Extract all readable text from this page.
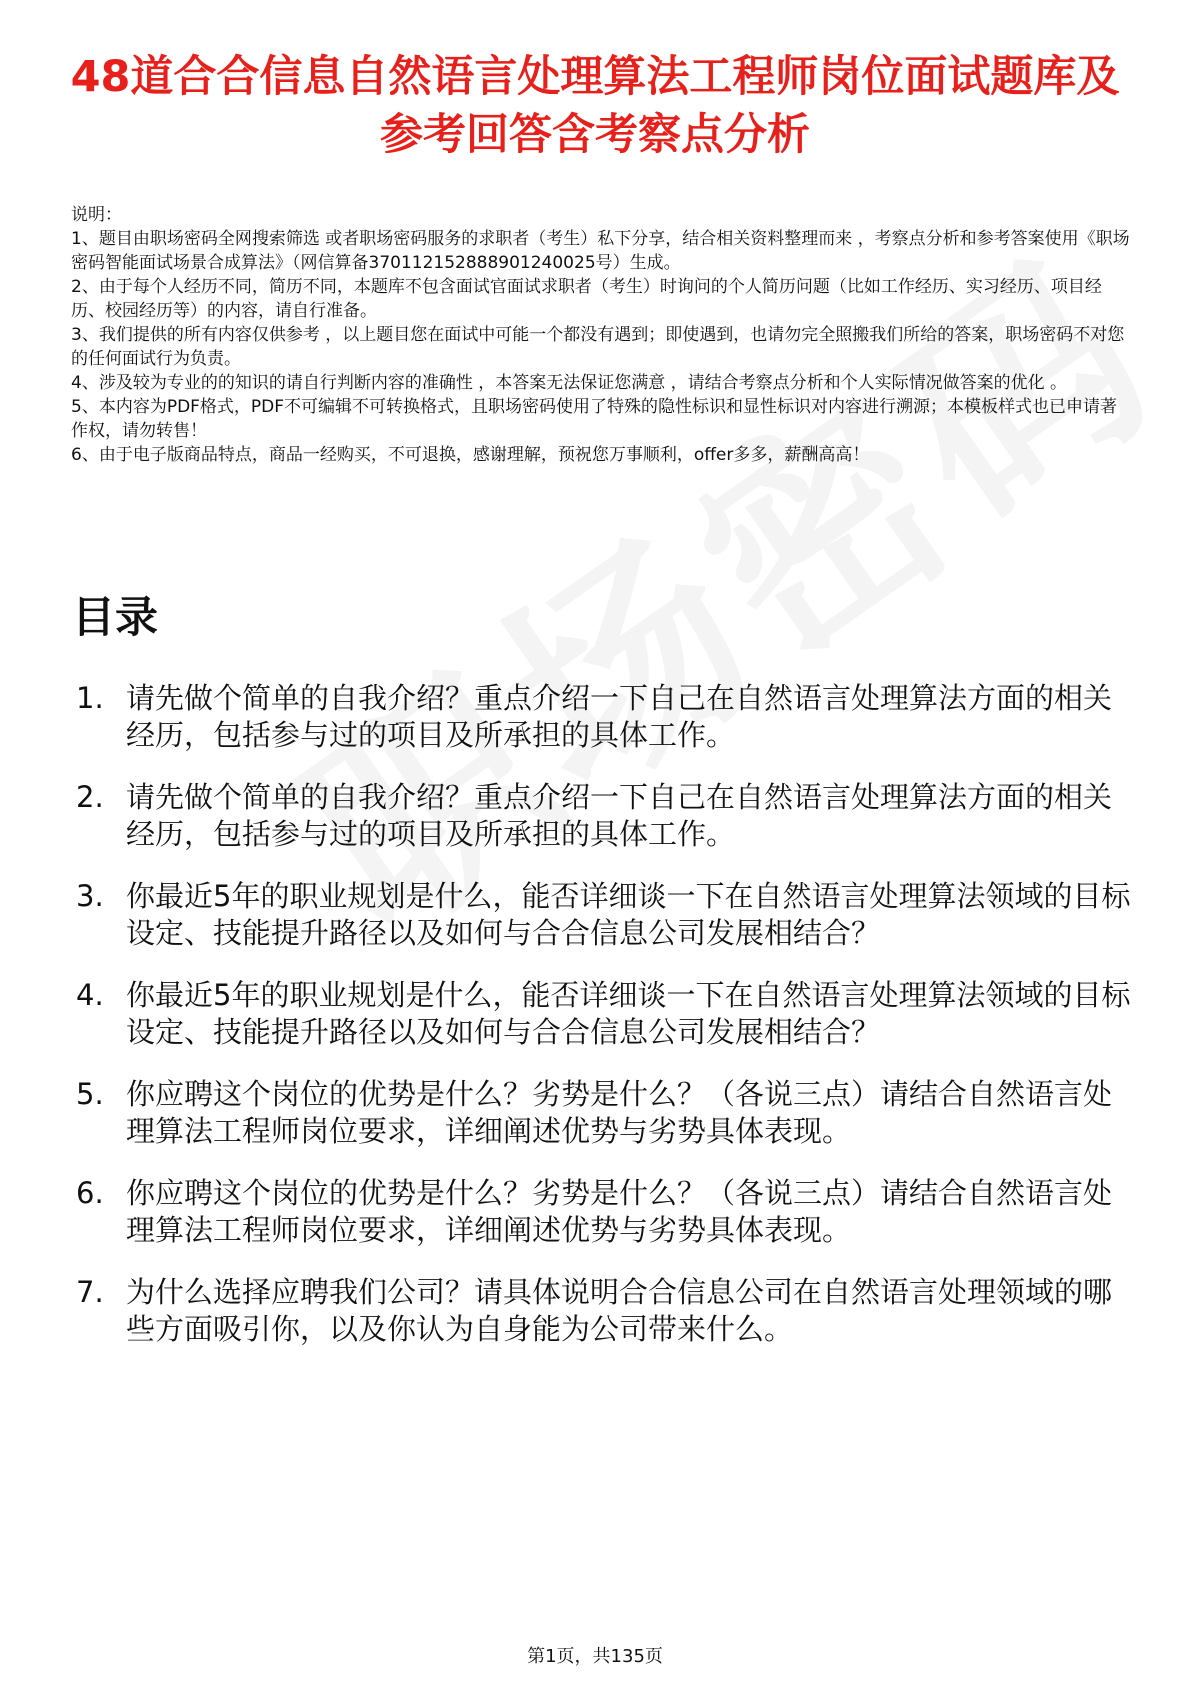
48道合合信息自然语言处理算法工程师岗位面试题库及参考回答含考察点分析

说明：

1、题目由职场密码全网搜索筛选 或者职场密码服务的求职者（考生）私下分享，结合相关资料整理而来 ，考察点分析和参考答案使用《职场密码智能面试场景合成算法》（网信算备370112152888901240025号）生成。

2、由于每个人经历不同，简历不同，本题库不包含面试官面试求职者（考生）时询问的个人简历问题（比如工作经历、实习经历、项目经历、校园经历等）的内容，请自行准备。

3、我们提供的所有内容仅供参考 ，以上题目您在面试中可能一个都没有遇到；即使遇到，也请勿完全照搬我们所给的答案，职场密码不对您的任何面试行为负责。

4、涉及较为专业的的知识的请自行判断内容的准确性 ，本答案无法保证您满意 ，请结合考察点分析和个人实际情况做答案的优化 。

5、本内容为PDF格式，PDF不可编辑不可转换格式，且职场密码使用了特殊的隐性标识和显性标识对内容进行溯源；本模板样式也已申请著作权，请勿转售！

6、由于电子版商品特点，商品一经购买，不可退换，感谢理解，预祝您万事顺利，offer多多，薪酬高高！

目录
1. 请先做个简单的自我介绍？重点介绍一下自己在自然语言处理算法方面的相关经历，包括参与过的项目及所承担的具体工作。
2. 请先做个简单的自我介绍？重点介绍一下自己在自然语言处理算法方面的相关经历，包括参与过的项目及所承担的具体工作。
3. 你最近5年的职业规划是什么，能否详细谈一下在自然语言处理算法领域的目标设定、技能提升路径以及如何与合合信息公司发展相结合？
4. 你最近5年的职业规划是什么，能否详细谈一下在自然语言处理算法领域的目标设定、技能提升路径以及如何与合合信息公司发展相结合？
5. 你应聘这个岗位的优势是什么？劣势是什么？（各说三点）请结合自然语言处理算法工程师岗位要求，详细阐述优势与劣势具体表现。
6. 你应聘这个岗位的优势是什么？劣势是什么？（各说三点）请结合自然语言处理算法工程师岗位要求，详细阐述优势与劣势具体表现。
7. 为什么选择应聘我们公司？请具体说明合合信息公司在自然语言处理领域的哪些方面吸引你，以及你认为自身能为公司带来什么。
第1页，共135页
